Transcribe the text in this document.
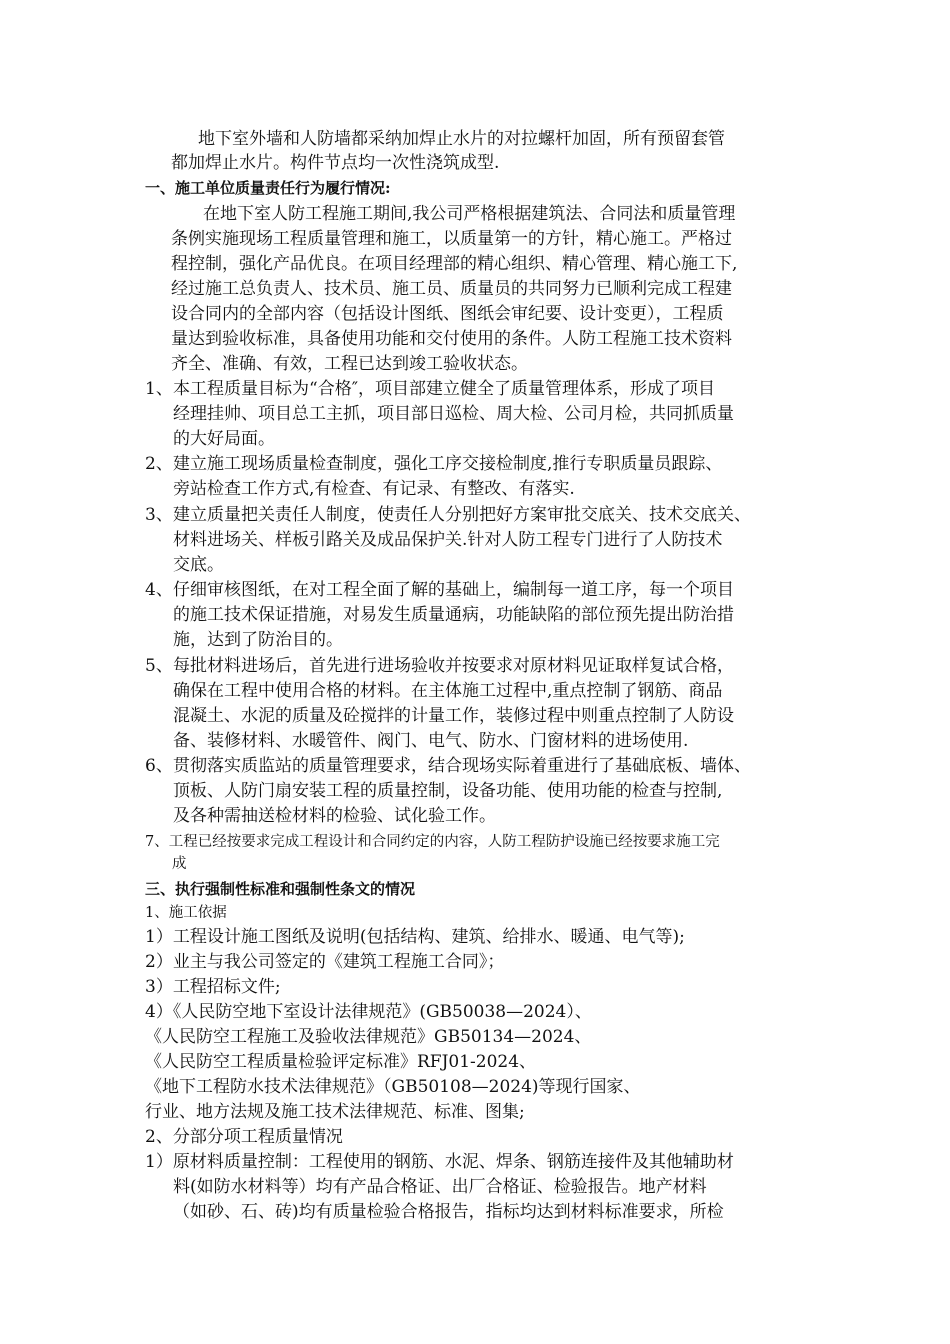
地下室外墙和人防墙都采纳加焊止水片的对拉螺杆加固，所有预留套管
都加焊止水片。构件节点均一次性浇筑成型.
一、施工单位质量责任行为履行情况:
在地下室人防工程施工期间,我公司严格根据建筑法、合同法和质量管理
条例实施现场工程质量管理和施工，以质量第一的方针，精心施工。严格过
程控制，强化产品优良。在项目经理部的精心组织、精心管理、精心施工下,
经过施工总负责人、技术员、施工员、质量员的共同努力已顺利完成工程建
设合同内的全部内容（包括设计图纸、图纸会审纪要、设计变更），工程质
量达到验收标准，具备使用功能和交付使用的条件。人防工程施工技术资料
齐全、准确、有效，工程已达到竣工验收状态。
1、 本工程质量目标为“合格″，项目部建立健全了质量管理体系，形成了项目
经理挂帅、项目总工主抓，项目部日巡检、周大检、公司月检，共同抓质量
的大好局面。
2、 建立施工现场质量检查制度，强化工序交接检制度,推行专职质量员跟踪、
旁站检查工作方式,有检查、有记录、有整改、有落实.
3、 建立质量把关责任人制度，使责任人分别把好方案审批交底关、技术交底关、
材料进场关、样板引路关及成品保护关.针对人防工程专门进行了人防技术
交底。
4、 仔细审核图纸，在对工程全面了解的基础上，编制每一道工序，每一个项目
的施工技术保证措施，对易发生质量通病，功能缺陷的部位预先提出防治措
施，达到了防治目的。
5、 每批材料进场后，首先进行进场验收并按要求对原材料见证取样复试合格，
确保在工程中使用合格的材料。在主体施工过程中,重点控制了钢筋、商品
混凝土、水泥的质量及砼搅拌的计量工作，装修过程中则重点控制了人防设
备、装修材料、水暖管件、阀门、电气、防水、门窗材料的进场使用.
6、 贯彻落实质监站的质量管理要求，结合现场实际着重进行了基础底板、墙体、
顶板、人防门扇安装工程的质量控制，设备功能、使用功能的检查与控制,
及各种需抽送检材料的检验、试化验工作。
7、工程已经按要求完成工程设计和合同约定的内容，人防工程防护设施已经按要求施工完
成
三、执行强制性标准和强制性条文的情况
1、施工依据
1）工程设计施工图纸及说明(包括结构、建筑、给排水、暖通、电气等);
2）业主与我公司签定的《建筑工程施工合同》；
3）工程招标文件;
4）《人民防空地下室设计法律规范》(GB50038—2024）、
《人民防空工程施工及验收法律规范》GB50134—2024、
《人民防空工程质量检验评定标准》RFJ01-2024、
《地下工程防水技术法律规范》（GB50108—2024)等现行国家、
行业、地方法规及施工技术法律规范、标准、图集;
2、分部分项工程质量情况
1）原材料质量控制：工程使用的钢筋、水泥、焊条、钢筋连接件及其他辅助材
料(如防水材料等）均有产品合格证、出厂合格证、检验报告。地产材料
（如砂、石、砖)均有质量检验合格报告，指标均达到材料标准要求，所检
